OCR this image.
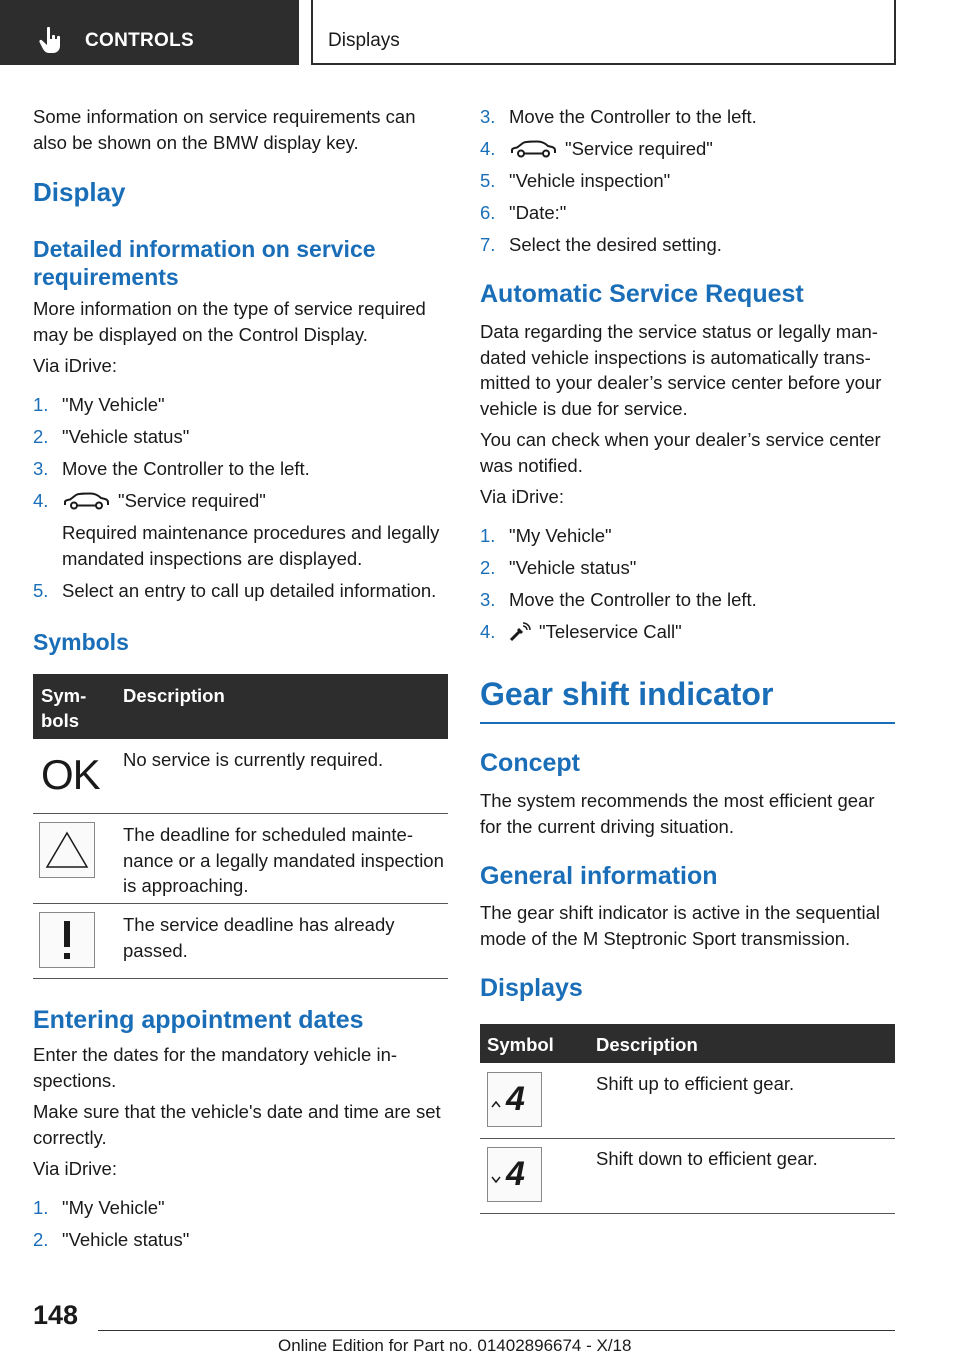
CONTROLS	Displays
Some information on service requirements can also be shown on the BMW display key.
Display
Detailed information on service requirements
More information on the type of service required may be displayed on the Control Display.
Via iDrive:
1. "My Vehicle"
2. "Vehicle status"
3. Move the Controller to the left.
4.	"Service required"
Required maintenance procedures and legally mandated inspections are displayed.
5. Select an entry to call up detailed information.
Symbols
Symbols
Description
OK No service is currently required.
The deadline for scheduled maintenance or a legally mandated inspection is approaching.
The service deadline has already passed.
Entering appointment dates
Enter the dates for the mandatory vehicle inspections.
Make sure that the vehicle's date and time are set correctly.
Via iDrive:
1. "My Vehicle"
2. "Vehicle status"
3. Move the Controller to the left.
4.	"Service required"
5. "Vehicle inspection"
6. "Date:"
7. Select the desired setting.
Automatic Service Request
Data regarding the service status or legally mandated vehicle inspections is automatically transmitted to your dealer’s service center before your vehicle is due for service.
You can check when your dealer’s service center was notified.
Via iDrive:
1. "My Vehicle"
2. "Vehicle status"
3. Move the Controller to the left.
4.	"Teleservice Call"
Gear shift indicator
Concept
The system recommends the most efficient gear for the current driving situation.
General information
The gear shift indicator is active in the sequential mode of the M Steptronic Sport transmission.
Displays
Symbol Description
4	Shift up to efficient gear.
4	Shift down to efficient gear.
148
Online Edition for Part no. 01402896674 - X/18
